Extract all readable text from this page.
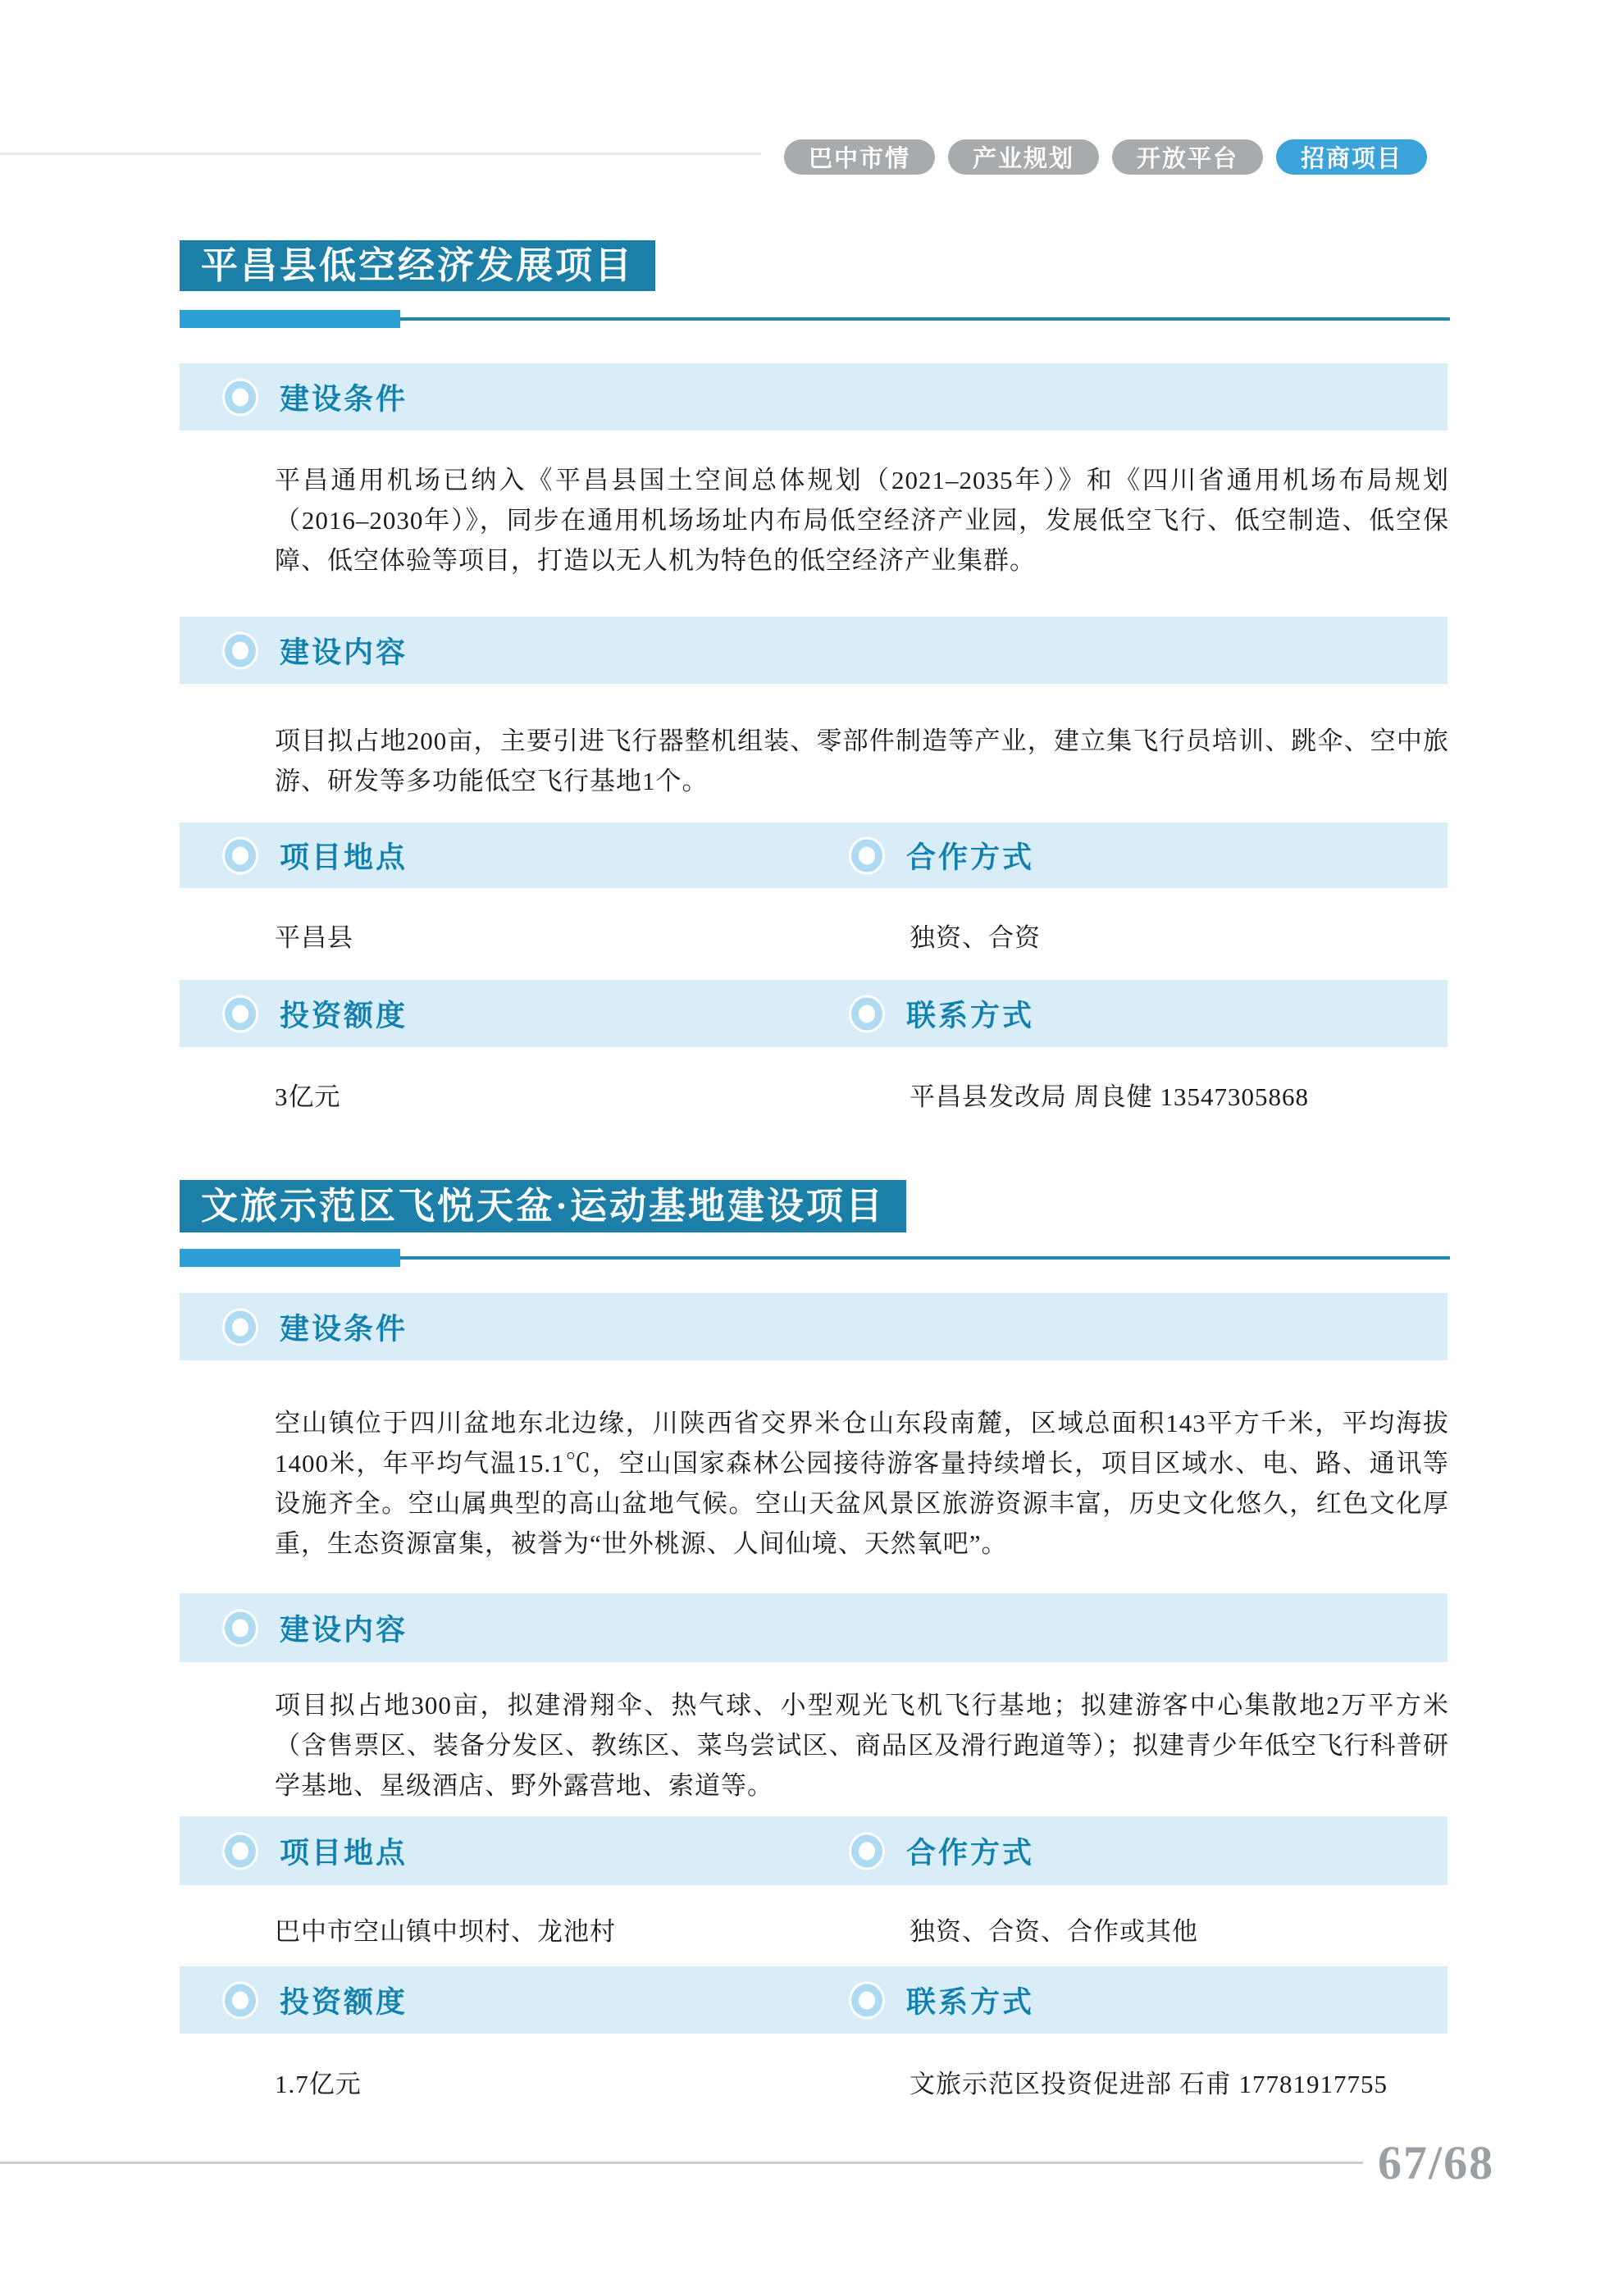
巴中市情	产业规划	开放平台	招商项目
平昌县低空经济发展项目
建设条件
平昌通用机场已纳入《平昌县国土空间总体规划（2021–2035年）》和《四川省通用机场布局规划（2016–2030年）》，同步在通用机场场址内布局低空经济产业园，发展低空飞行、低空制造、低空保障、低空体验等项目，打造以无人机为特色的低空经济产业集群。
建设内容
项目拟占地200亩，主要引进飞行器整机组装、零部件制造等产业，建立集飞行员培训、跳伞、空中旅游、研发等多功能低空飞行基地1个。
项目地点	合作方式
平昌县	独资、合资
投资额度	联系方式
3亿元	平昌县发改局 周良健 13547305868
文旅示范区飞悦天盆·运动基地建设项目
建设条件
空山镇位于四川盆地东北边缘，川陕西省交界米仓山东段南麓，区域总面积143平方千米，平均海拔1400米，年平均气温15.1℃，空山国家森林公园接待游客量持续增长，项目区域水、电、路、通讯等设施齐全。空山属典型的高山盆地气候。空山天盆风景区旅游资源丰富，历史文化悠久，红色文化厚重，生态资源富集，被誉为“世外桃源、人间仙境、天然氧吧”。
建设内容
项目拟占地300亩，拟建滑翔伞、热气球、小型观光飞机飞行基地；拟建游客中心集散地2万平方米（含售票区、装备分发区、教练区、菜鸟尝试区、商品区及滑行跑道等）；拟建青少年低空飞行科普研学基地、星级酒店、野外露营地、索道等。
项目地点	合作方式
巴中市空山镇中坝村、龙池村	独资、合资、合作或其他
投资额度	联系方式
1.7亿元	文旅示范区投资促进部 石甫 17781917755
67/68
